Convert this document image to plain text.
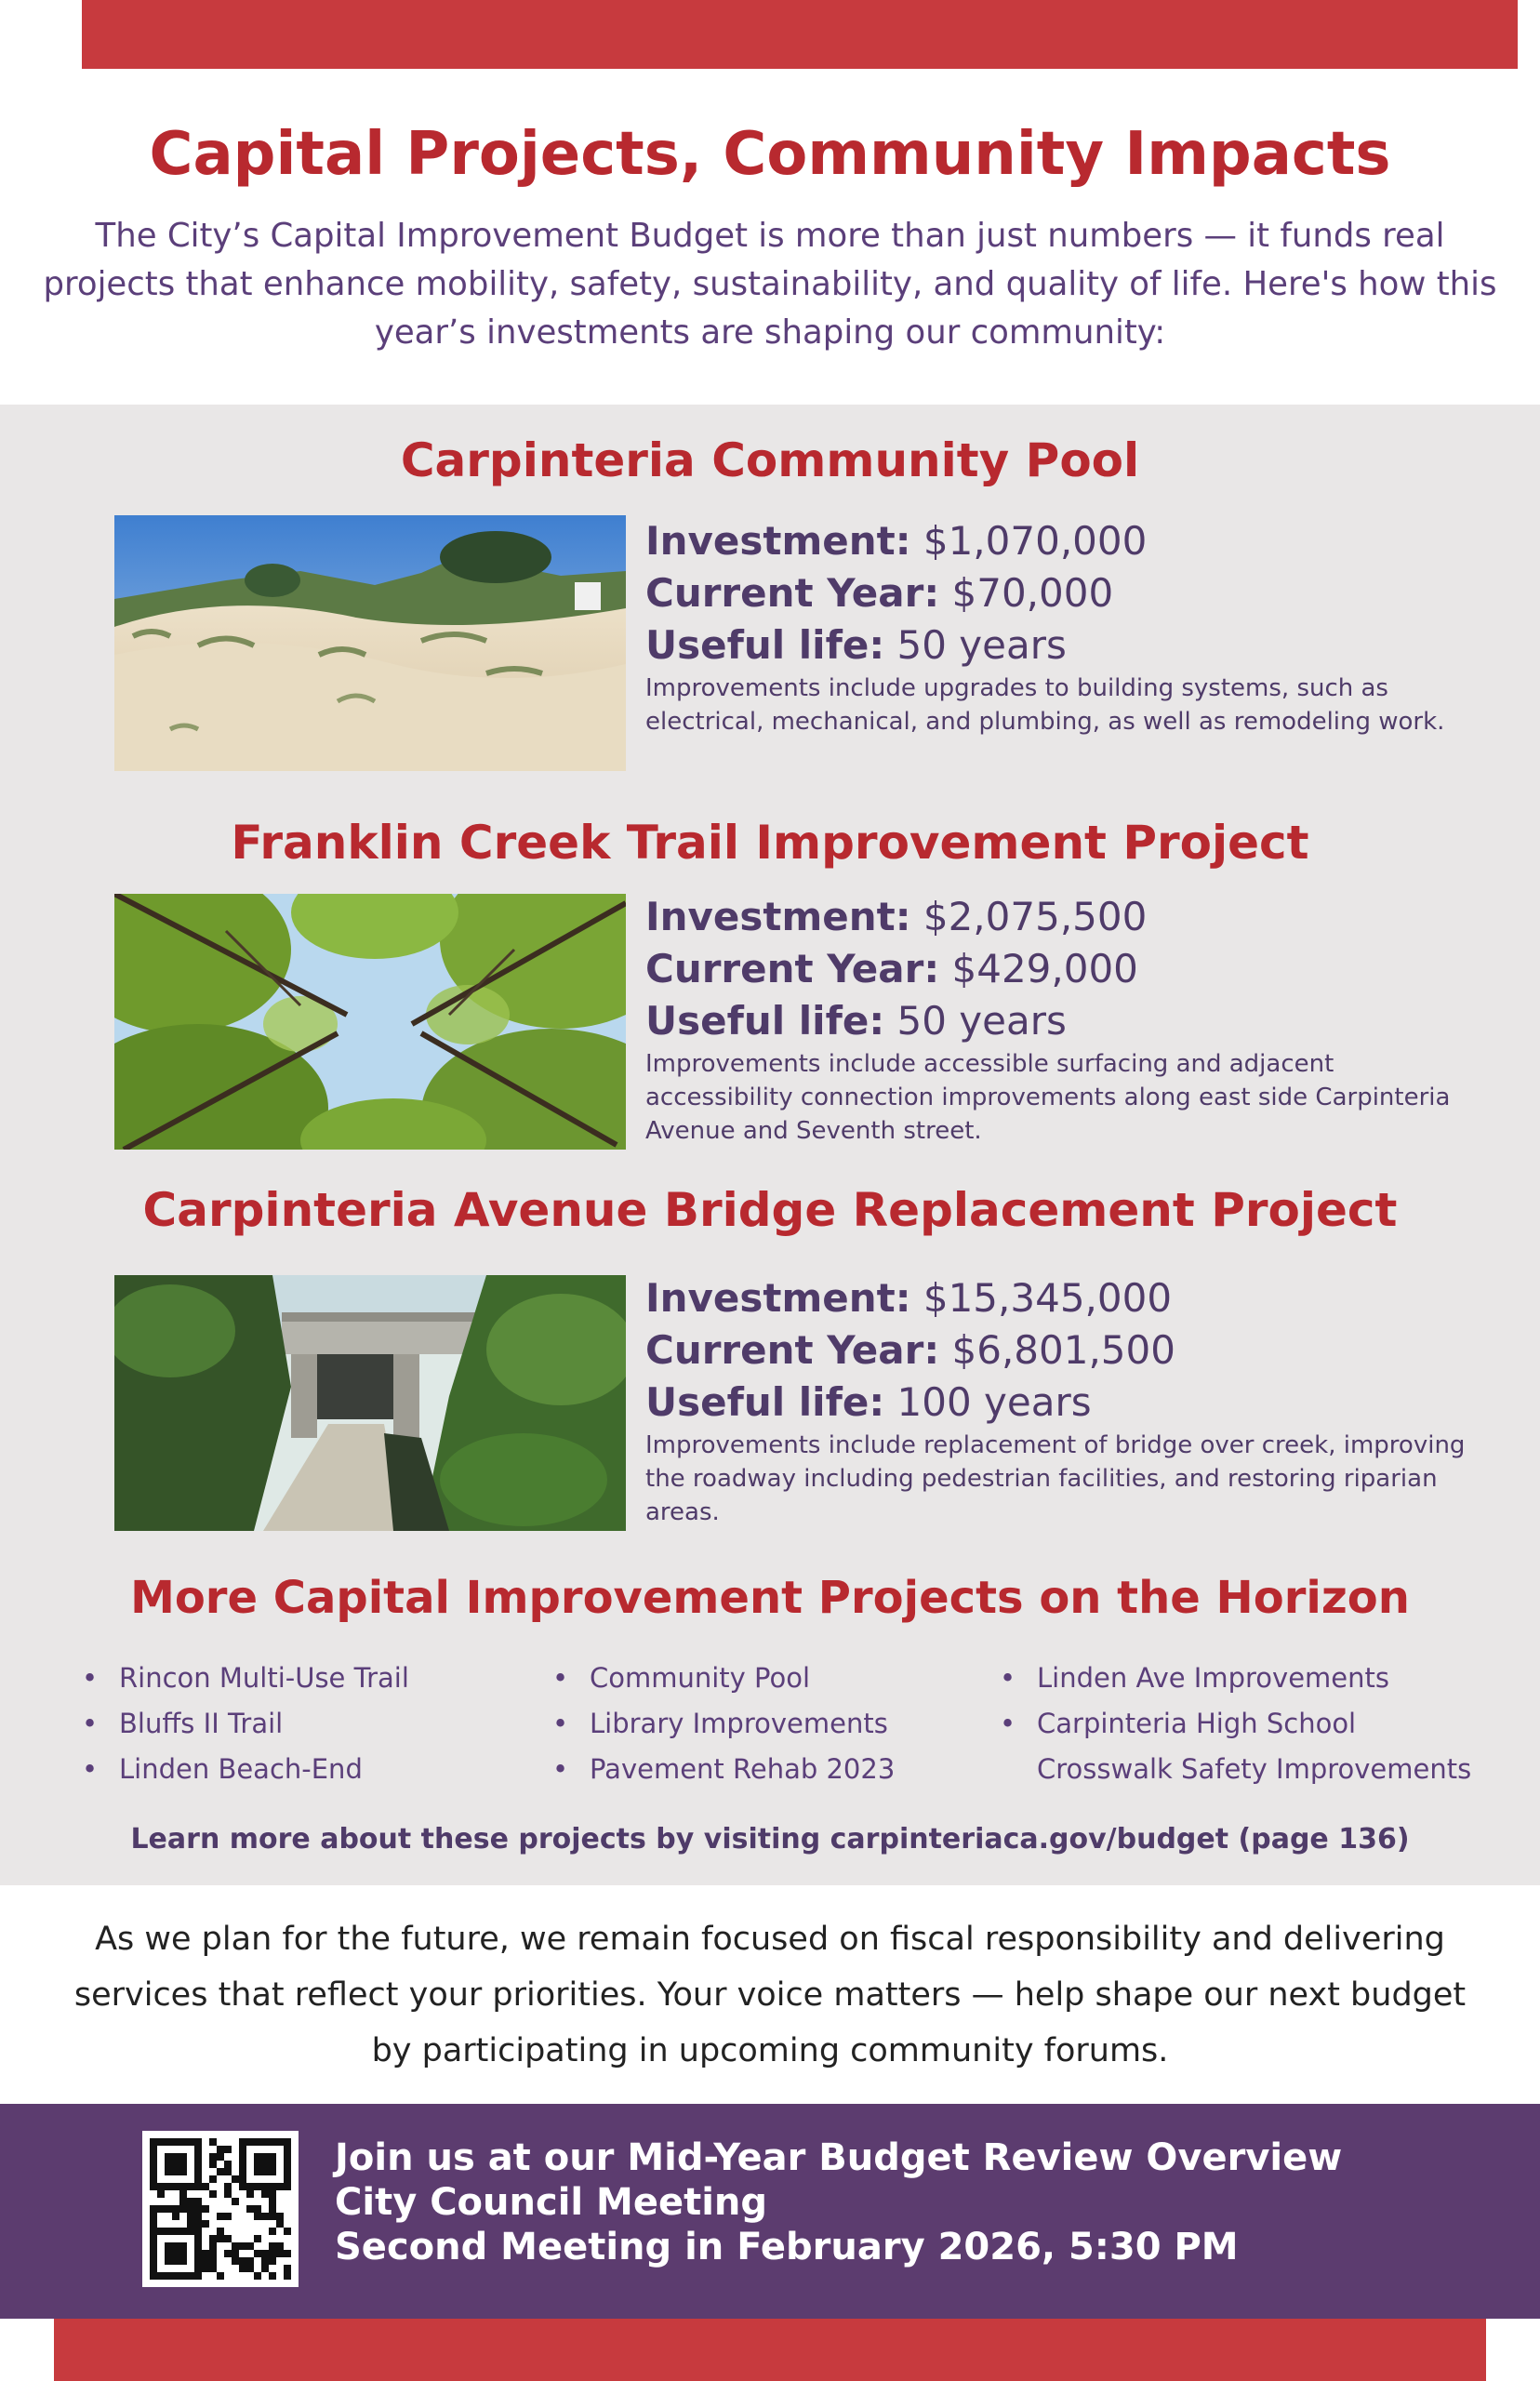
Capital Projects, Community Impacts

The City’s Capital Improvement Budget is more than just numbers — it funds real projects that enhance mobility, safety, sustainability, and quality of life. Here's how this year’s investments are shaping our community:

Carpinteria Community Pool
Investment: $1,070,000
Current Year: $70,000
Useful life: 50 years
Improvements include upgrades to building systems, such as electrical, mechanical, and plumbing, as well as remodeling work.
Franklin Creek Trail Improvement Project
Investment: $2,075,500
Current Year: $429,000
Useful life: 50 years
Improvements include accessible surfacing and adjacent accessibility connection improvements along east side Carpinteria Avenue and Seventh street.
Carpinteria Avenue Bridge Replacement Project
Investment: $15,345,000
Current Year: $6,801,500
Useful life: 100 years
Improvements include replacement of bridge over creek, improving the roadway including pedestrian facilities, and restoring riparian areas.
More Capital Improvement Projects on the Horizon
• Rincon Multi-Use Trail
• Bluffs II Trail
• Linden Beach-End
• Community Pool
• Library Improvements
• Pavement Rehab 2023
• Linden Ave Improvements
• Carpinteria High School
Crosswalk Safety Improvements

Learn more about these projects by visiting carpinteriaca.gov/budget (page 136)

As we plan for the future, we remain focused on fiscal responsibility and delivering services that reflect your priorities. Your voice matters — help shape our next budget by participating in upcoming community forums.

Join us at our Mid-Year Budget Review Overview
City Council Meeting
Second Meeting in February 2026, 5:30 PM
